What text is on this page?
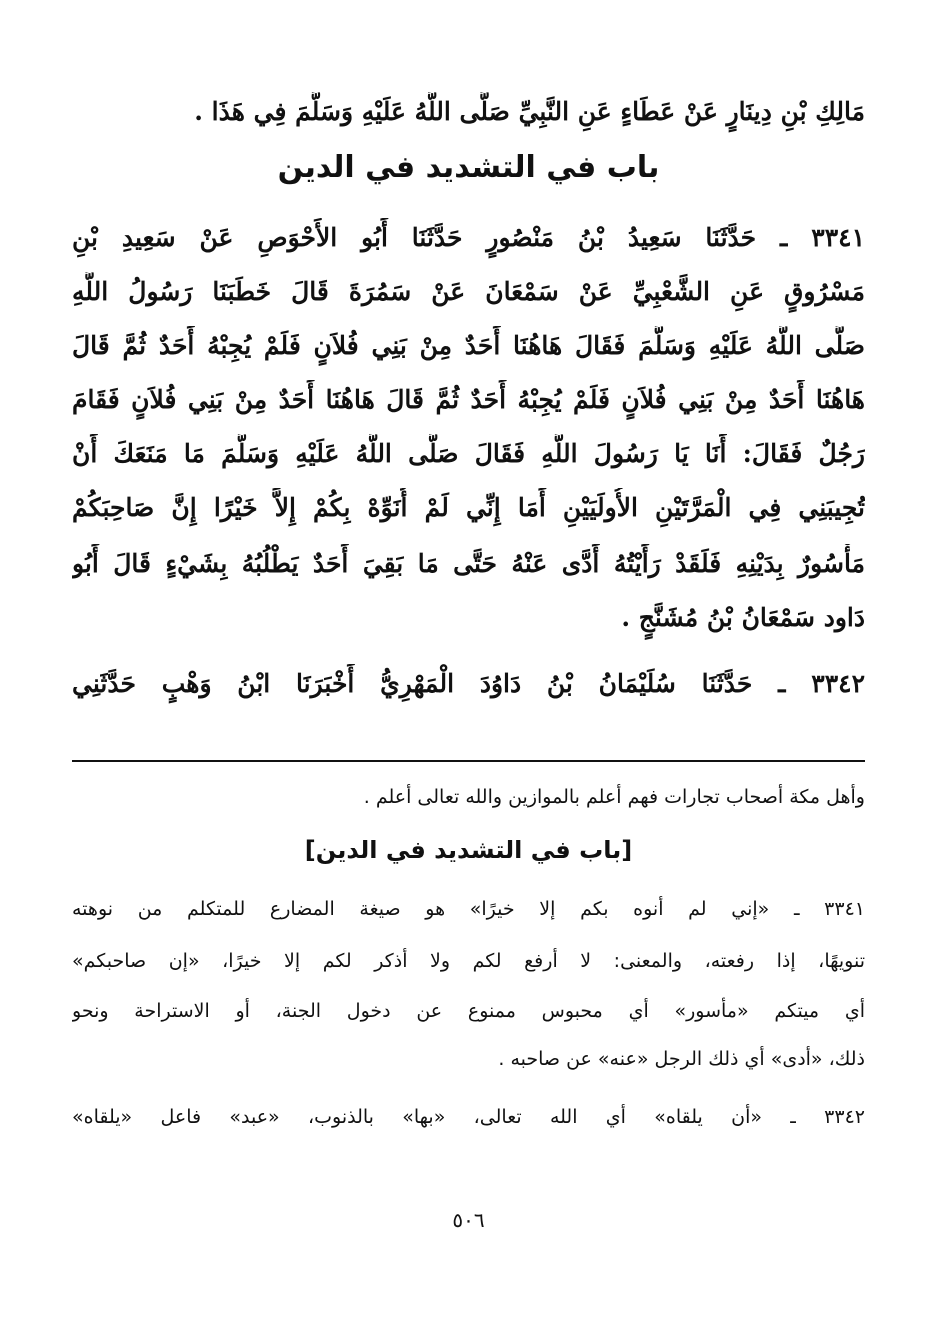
مَالِكِ بْنِ دِينَارٍ عَنْ عَطَاءٍ عَنِ النَّبِيِّ صَلَّى اللَّهُ عَلَيْهِ وَسَلَّمَ فِي هَذَا .
باب في التشديد في الدين
٣٣٤١ ـ حَدَّثَنَا سَعِيدُ بْنُ مَنْصُورٍ حَدَّثَنَا أَبُو الأَحْوَصِ عَنْ سَعِيدِ بْنِ
مَسْرُوقٍ عَنِ الشَّعْبِيِّ عَنْ سَمْعَانَ عَنْ سَمُرَةَ قَالَ خَطَبَنَا رَسُولُ اللَّهِ
صَلَّى اللَّهُ عَلَيْهِ وَسَلَّمَ فَقَالَ هَاهُنَا أَحَدٌ مِنْ بَنِي فُلاَنٍ فَلَمْ يُجِبْهُ أَحَدٌ ثُمَّ قَالَ
هَاهُنَا أَحَدٌ مِنْ بَنِي فُلاَنٍ فَلَمْ يُجِبْهُ أَحَدٌ ثُمَّ قَالَ هَاهُنَا أَحَدٌ مِنْ بَنِي فُلاَنٍ فَقَامَ
رَجُلٌ فَقَالَ: أَنَا يَا رَسُولَ اللَّهِ فَقَالَ صَلَّى اللَّهُ عَلَيْهِ وَسَلَّمَ مَا مَنَعَكَ أَنْ
تُجِيبَنِي فِي الْمَرَّتَيْنِ الأُولَيَيْنِ أَمَا إِنِّي لَمْ أُنَوِّهْ بِكُمْ إِلاَّ خَيْرًا إِنَّ صَاحِبَكُمْ
مَأْسُورٌ بِدَيْنِهِ فَلَقَدْ رَأَيْتُهُ أَدَّى عَنْهُ حَتَّى مَا بَقِيَ أَحَدٌ يَطْلُبُهُ بِشَيْءٍ قَالَ أَبُو
دَاود سَمْعَانُ بْنُ مُشَنَّجٍ .
٣٣٤٢ ـ حَدَّثَنَا سُلَيْمَانُ بْنُ دَاوُدَ الْمَهْرِيُّ أَخْبَرَنَا ابْنُ وَهْبٍ حَدَّثَنِي
وأهل مكة أصحاب تجارات فهم أعلم بالموازين والله تعالى أعلم .
[باب في التشديد في الدين]
٣٣٤١ ـ «إني لم أنوه بكم إلا خيرًا» هو صيغة المضارع للمتكلم من نوهته
تنويهًا، إذا رفعته، والمعنى: لا أرفع لكم ولا أذكر لكم إلا خيرًا، «إن صاحبكم»
أي ميتكم «مأسور» أي محبوس ممنوع عن دخول الجنة، أو الاستراحة ونحو
ذلك، «أدى» أي ذلك الرجل «عنه» عن صاحبه .
٣٣٤٢ ـ «أن يلقاه» أي الله تعالى، «بها» بالذنوب، «عبد» فاعل «يلقاه»
٥٠٦
